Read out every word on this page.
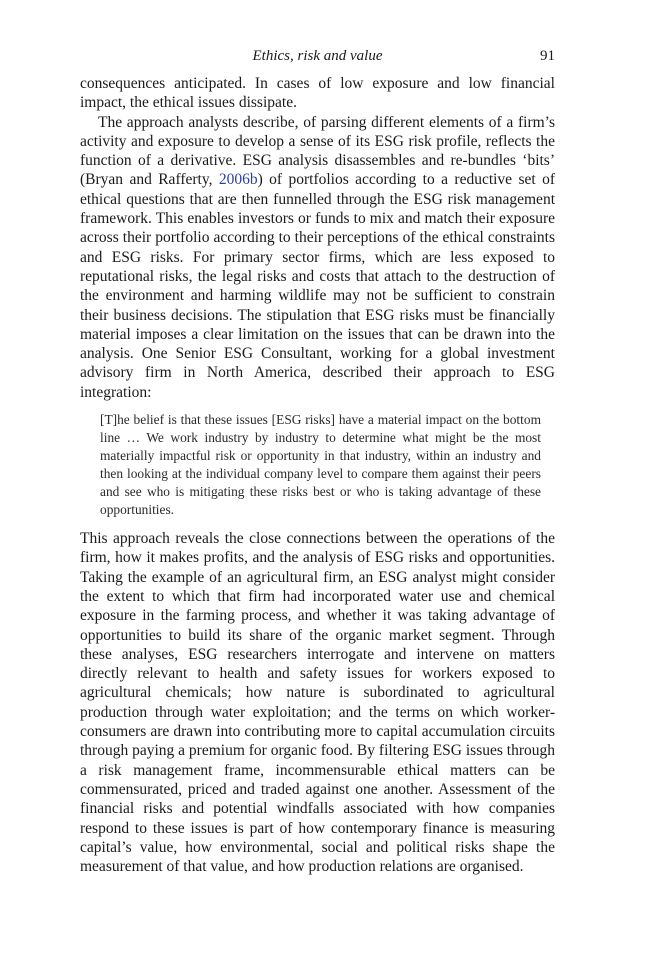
Ethics, risk and value	91

consequences anticipated. In cases of low exposure and low financial impact, the ethical issues dissipate.

The approach analysts describe, of parsing different elements of a firm’s activity and exposure to develop a sense of its ESG risk profile, reflects the function of a derivative. ESG analysis disassembles and re-bundles ‘bits’ (Bryan and Rafferty, 2006b) of portfolios according to a reductive set of ethical questions that are then funnelled through the ESG risk management framework. This enables investors or funds to mix and match their exposure across their portfolio according to their perceptions of the ethical constraints and ESG risks. For primary sector firms, which are less exposed to reputational risks, the legal risks and costs that attach to the destruction of the environment and harming wildlife may not be sufficient to constrain their business decisions. The stipulation that ESG risks must be financially material imposes a clear limitation on the issues that can be drawn into the analysis. One Senior ESG Consultant, working for a global investment advisory firm in North America, described their approach to ESG integration:

[T]he belief is that these issues [ESG risks] have a material impact on the bottom line … We work industry by industry to determine what might be the most materially impactful risk or opportunity in that industry, within an industry and then looking at the individual company level to compare them against their peers and see who is mitigating these risks best or who is taking advantage of these opportunities.

This approach reveals the close connections between the operations of the firm, how it makes profits, and the analysis of ESG risks and opportunities. Taking the example of an agricultural firm, an ESG analyst might consider the extent to which that firm had incorporated water use and chemical exposure in the farming process, and whether it was taking advantage of opportunities to build its share of the organic market segment. Through these analyses, ESG researchers interrogate and intervene on matters directly relevant to health and safety issues for workers exposed to agricultural chemicals; how nature is subordinated to agricultural production through water exploitation; and the terms on which worker-consumers are drawn into contributing more to capital accumulation circuits through paying a premium for organic food. By filtering ESG issues through a risk management frame, incommensurable ethical matters can be commensurated, priced and traded against one another. Assessment of the financial risks and potential windfalls associated with how companies respond to these issues is part of how contemporary finance is measuring capital’s value, how environmental, social and political risks shape the measurement of that value, and how production relations are organised.
